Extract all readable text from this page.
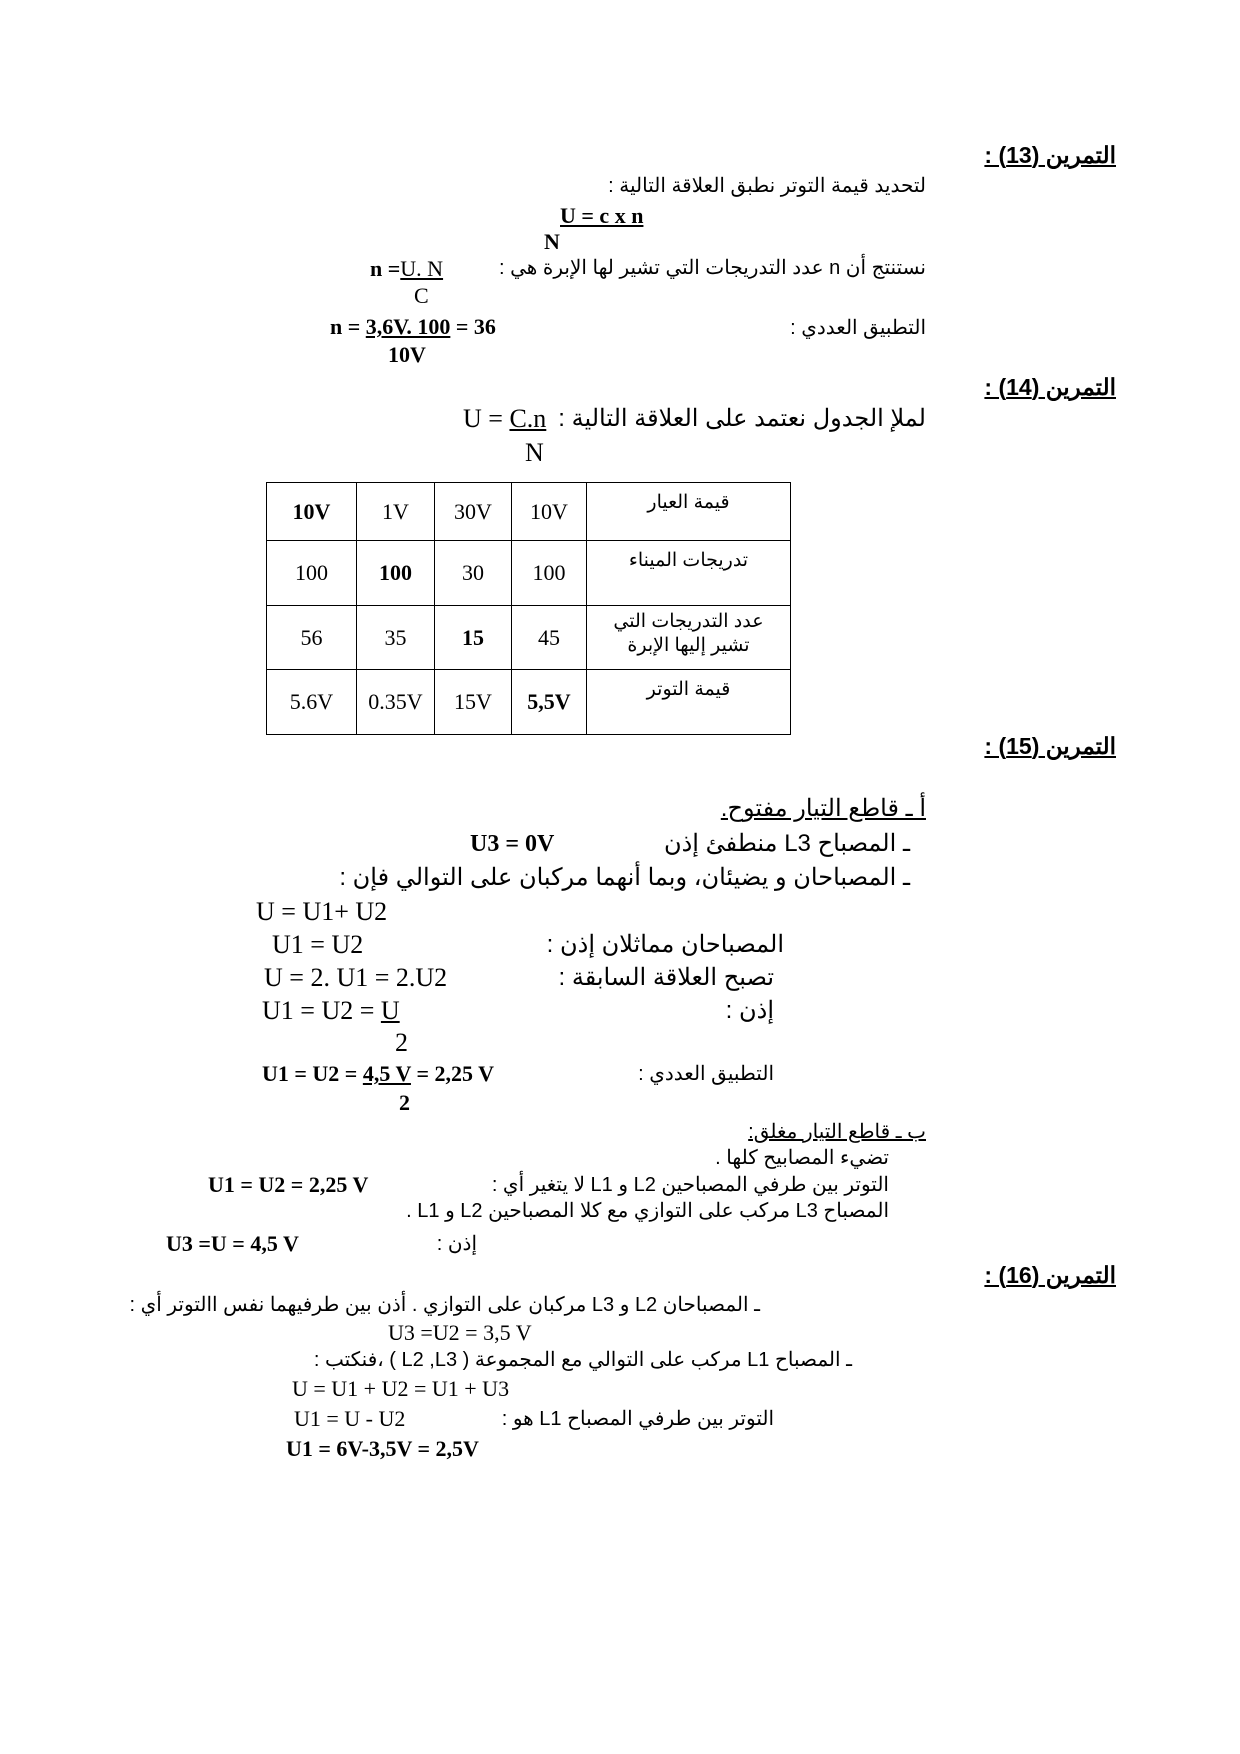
التمرين (13) :
لتحديد قيمة التوتر نطبق العلاقة التالية :
U = c x n
N
نستنتج أن n عدد التدريجات التي تشير لها الإبرة هي :
n =U. N
C
التطبيق العددي :
n = 3,6V. 100 = 36
10V
التمرين (14) :
لملإ الجدول نعتمد على العلاقة التالية :
U = C.n
N
10V	1V	30V	10V	قيمة العيار
100	100	30	100	تدريجات الميناء
56	35	15	45	عدد التدريجات التي
تشير إليها الإبرة

5.6V	0.35V	15V	5,5V	قيمة التوتر
التمرين (15) :
أ ـ قاطع التيار مفتوح.
ـ المصباح L3 منطفئ إذن
U3 = 0V
ـ المصباحان و يضيئان، وبما أنهما مركبان على التوالي فإن :
U = U1+ U2
U1 = U2	المصباحان مماثلان إذن :
U = 2. U1 = 2.U2	تصبح العلاقة السابقة :
U1 = U2 = U	إذن :
2
U1 = U2 = 4,5 V = 2,25 V	التطبيق العددي :
2
ب ـ قاطع التيار مغلق:
تضيء المصابيح كلها .
التوتر بين طرفي المصباحين L2 و L1 لا يتغير أي :
U1 = U2 = 2,25 V
المصباح L3 مركب على التوازي مع كلا المصباحين L2 و L1 .
إذن :
U3 =U = 4,5 V
التمرين (16) :
ـ المصباحان L2 و L3 مركبان على التوازي . أذن بين طرفيهما نفس االتوتر أي :
U3 =U2 = 3,5 V
ـ المصباح L1 مركب على التوالي مع المجموعة ( L2 ,L3 ) ،فنكتب :
U = U1 + U2 = U1 + U3
U1 = U - U2	التوتر بين طرفي المصباح L1 هو :
U1 = 6V-3,5V = 2,5V
